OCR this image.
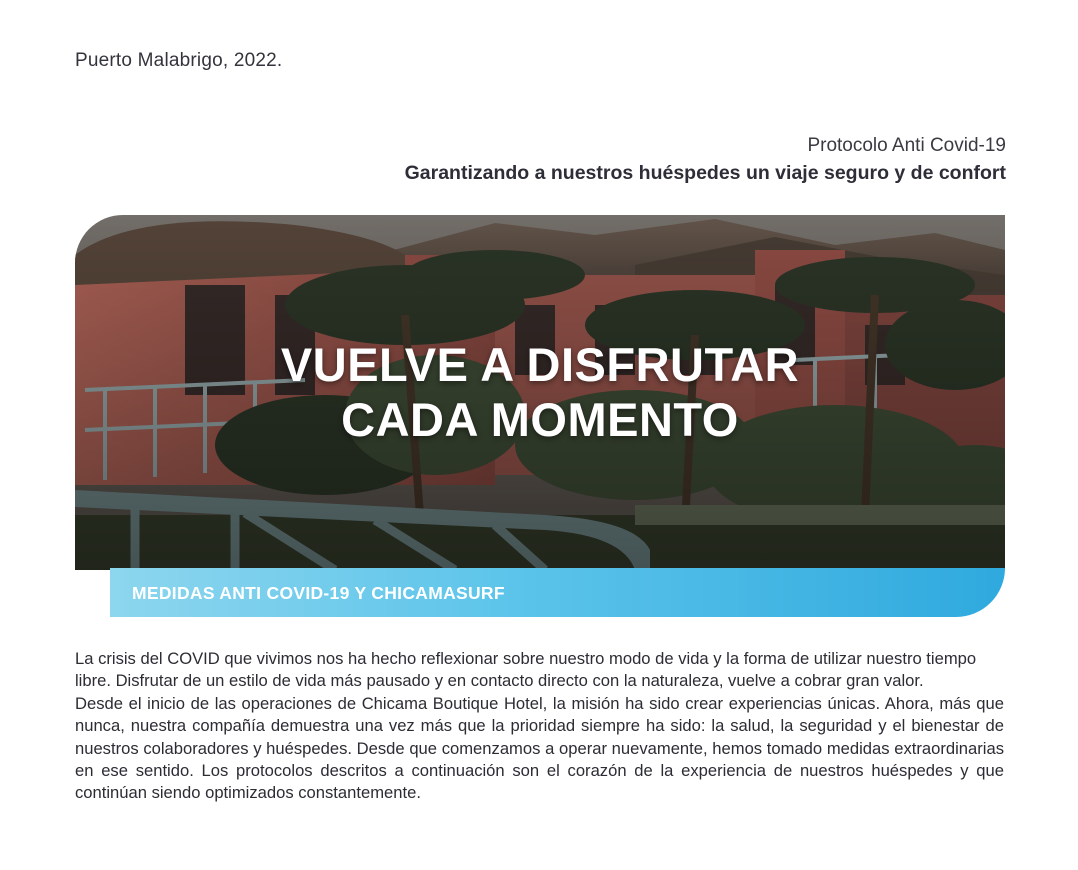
Puerto Malabrigo, 2022.
Protocolo Anti Covid-19
Garantizando a nuestros huéspedes un viaje seguro y de confort
VUELVE A DISFRUTAR
CADA MOMENTO
MEDIDAS ANTI COVID-19 Y CHICAMASURF

La crisis del COVID que vivimos nos ha hecho reflexionar sobre nuestro modo de vida y la forma de utilizar nuestro tiempo libre. Disfrutar de un estilo de vida más pausado y en contacto directo con la naturaleza, vuelve a cobrar gran valor.

Desde el inicio de las operaciones de Chicama Boutique Hotel, la misión ha sido crear experiencias únicas. Ahora, más que nunca, nuestra compañía demuestra una vez más que la prioridad siempre ha sido: la salud, la seguridad y el bienestar de nuestros colaboradores y huéspedes. Desde que comenzamos a operar nuevamente, hemos tomado medidas extraordinarias en ese sentido. Los protocolos descritos a continuación son el corazón de la experiencia de nuestros huéspedes y que continúan siendo optimizados constantemente.
